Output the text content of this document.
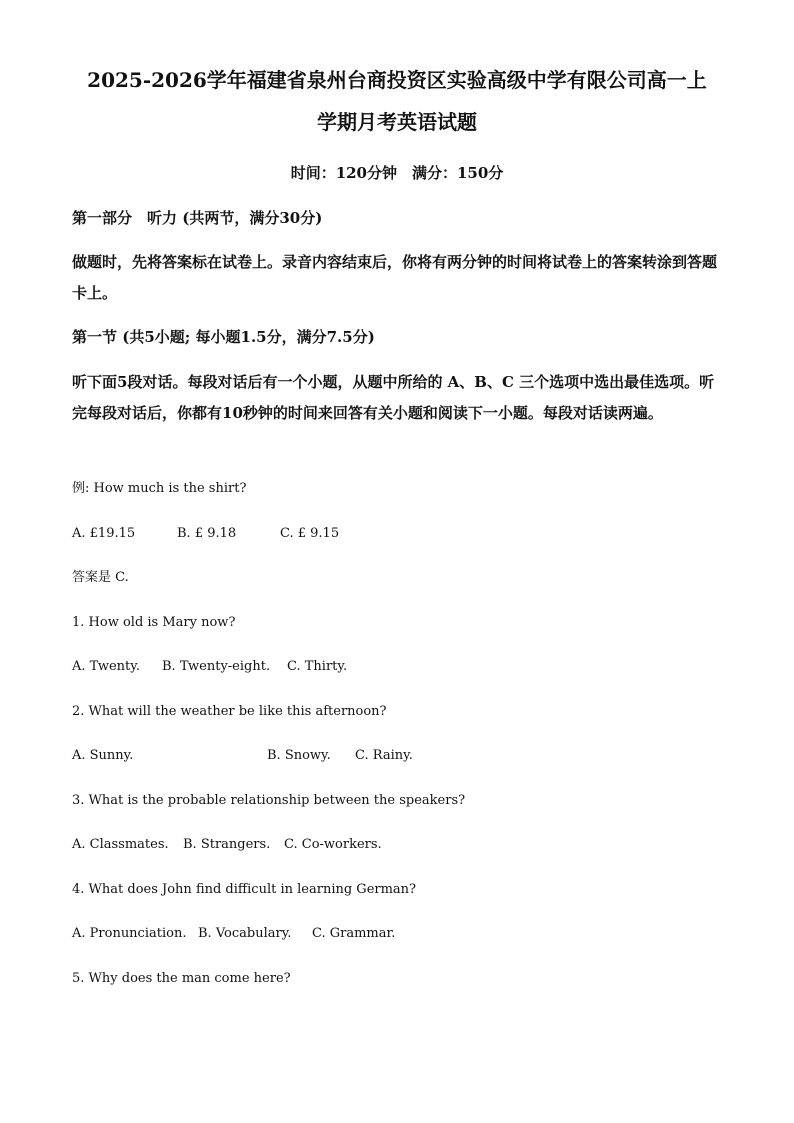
2025-2026学年福建省泉州台商投资区实验高级中学有限公司高一上
学期月考英语试题
时间：120分钟　满分：150分
第一部分　听力 (共两节，满分30分)
做题时，先将答案标在试卷上。录音内容结束后，你将有两分钟的时间将试卷上的答案转涂到答题卡上。
第一节 (共5小题; 每小题1.5分，满分7.5分)
听下面5段对话。每段对话后有一个小题，从题中所给的 A、B、C 三个选项中选出最佳选项。听完每段对话后，你都有10秒钟的时间来回答有关小题和阅读下一小题。每段对话读两遍。
例: How much is the shirt?
A. £19.15	B. £ 9.18	C. £ 9.15
答案是 C.
1. How old is Mary now?
A. Twenty. B. Twenty-eight. C. Thirty.
2. What will the weather be like this afternoon?
A. Sunny.	B. Snowy. C. Rainy.
3. What is the probable relationship between the speakers?
A. Classmates. B. Strangers. C. Co-workers.
4. What does John find difficult in learning German?
A. Pronunciation. B. Vocabulary. C. Grammar.
5. Why does the man come here?
